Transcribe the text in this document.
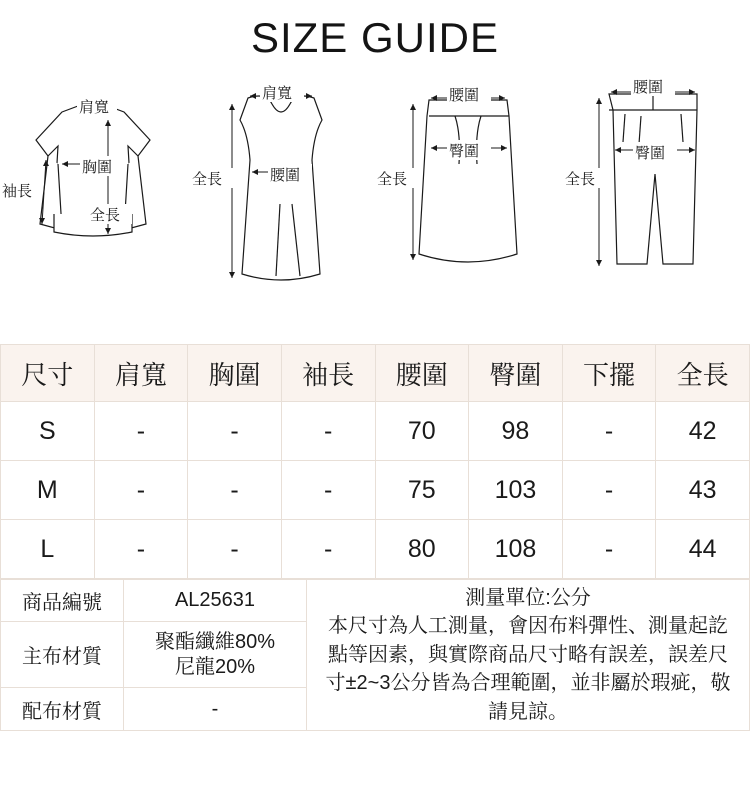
SIZE GUIDE
肩寬
袖長
胸圍
全長
肩寬
腰圍
全長
腰圍
臀圍
全長
腰圍
臀圍
全長
尺寸	肩寬	胸圍	袖長	腰圍	臀圍	下擺	全長
S	-	-	-	70	98	-	42
M	-	-	-	75	103	-	43
L	-	-	-	80	108	-	44
商品編號	AL25631	測量單位:公分
本尺寸為人工測量，會因布料彈性、測量起訖
點等因素，與實際商品尺寸略有誤差，誤差尺
寸±2~3公分皆為合理範圍，並非屬於瑕疵，敬
請見諒。

主布材質	聚酯纖維80%
尼龍20%	

配布材質	-	
